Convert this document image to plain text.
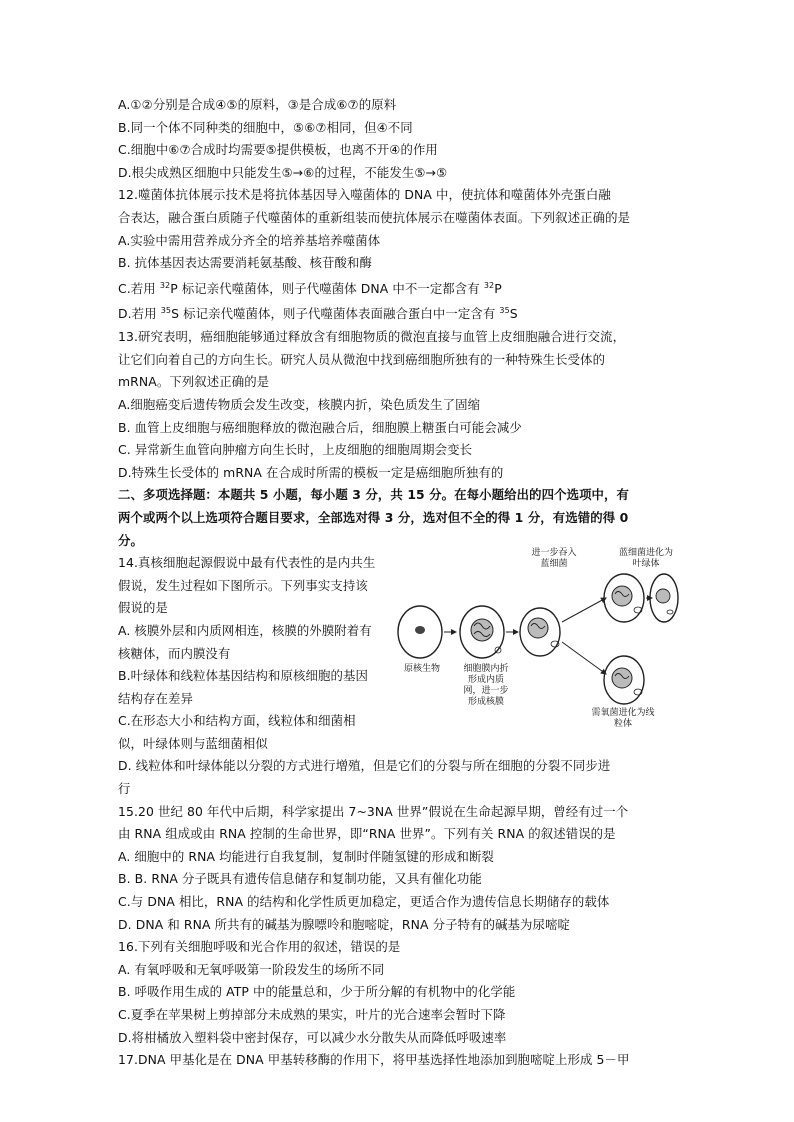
A.①②分别是合成④⑤的原料，③是合成⑥⑦的原料
B.同一个体不同种类的细胞中，⑤⑥⑦相同，但④不同
C.细胞中⑥⑦合成时均需要⑤提供模板，也离不开④的作用
D.根尖成熟区细胞中只能发生⑤→⑥的过程，不能发生⑤→⑤
12.噬菌体抗体展示技术是将抗体基因导入噬菌体的 DNA 中，使抗体和噬菌体外壳蛋白融
合表达，融合蛋白质随子代噬菌体的重新组装而使抗体展示在噬菌体表面。下列叙述正确的是
A.实验中需用营养成分齐全的培养基培养噬菌体
B. 抗体基因表达需要消耗氨基酸、核苷酸和酶
C.若用 $^{32}$P 标记亲代噬菌体，则子代噬菌体 DNA 中不一定都含有 $^{32}$P
D.若用 $^{35}$S 标记亲代噬菌体，则子代噬菌体表面融合蛋白中一定含有 $^{35}$S
13.研究表明，癌细胞能够通过释放含有细胞物质的微泡直接与血管上皮细胞融合进行交流，
让它们向着自己的方向生长。研究人员从微泡中找到癌细胞所独有的一种特殊生长受体的
mRNA。下列叙述正确的是
A.细胞癌变后遗传物质会发生改变，核膜内折，染色质发生了固缩
B. 血管上皮细胞与癌细胞释放的微泡融合后，细胞膜上糖蛋白可能会减少
C. 异常新生血管向肿瘤方向生长时，上皮细胞的细胞周期会变长
D.特殊生长受体的 mRNA 在合成时所需的模板一定是癌细胞所独有的
二、多项选择题：本题共 5 小题，每小题 3 分，共 15 分。在每小题给出的四个选项中，有
两个或两个以上选项符合题目要求，全部选对得 3 分，选对但不全的得 1 分，有选错的得 0
分。
14.真核细胞起源假说中最有代表性的是内共生假说，发生过程如下图所示。下列事实支持该假说的是
A. 核膜外层和内质网相连，核膜的外膜附着有核糖体，而内膜没有
B.叶绿体和线粒体基因结构和原核细胞的基因结构存在差异
C.在形态大小和结构方面，线粒体和细菌相似，叶绿体则与蓝细菌相似
原核生物	细胞膜内折形成内质网，进一步形成核膜
进一步吞入蓝细菌
蓝细菌进化为叶绿体
需氧菌进化为线粒体
D. 线粒体和叶绿体能以分裂的方式进行增殖，但是它们的分裂与所在细胞的分裂不同步进
行
15.20 世纪 80 年代中后期，科学家提出 7~3NA 世界”假说在生命起源早期，曾经有过一个
由 RNA 组成或由 RNA 控制的生命世界，即“RNA 世界”。下列有关 RNA 的叙述错误的是
A. 细胞中的 RNA 均能进行自我复制，复制时伴随氢键的形成和断裂
B. B. RNA 分子既具有遗传信息储存和复制功能，又具有催化功能
C.与 DNA 相比，RNA 的结构和化学性质更加稳定，更适合作为遗传信息长期储存的载体
D. DNA 和 RNA 所共有的碱基为腺嘌呤和胞嘧啶，RNA 分子特有的碱基为尿嘧啶
16.下列有关细胞呼吸和光合作用的叙述，错误的是
A. 有氧呼吸和无氧呼吸第一阶段发生的场所不同
B. 呼吸作用生成的 ATP 中的能量总和，少于所分解的有机物中的化学能
C.夏季在苹果树上剪掉部分未成熟的果实，叶片的光合速率会暂时下降
D.将柑橘放入塑料袋中密封保存，可以减少水分散失从而降低呼吸速率
17.DNA 甲基化是在 DNA 甲基转移酶的作用下，将甲基选择性地添加到胞嘧啶上形成 5－甲
